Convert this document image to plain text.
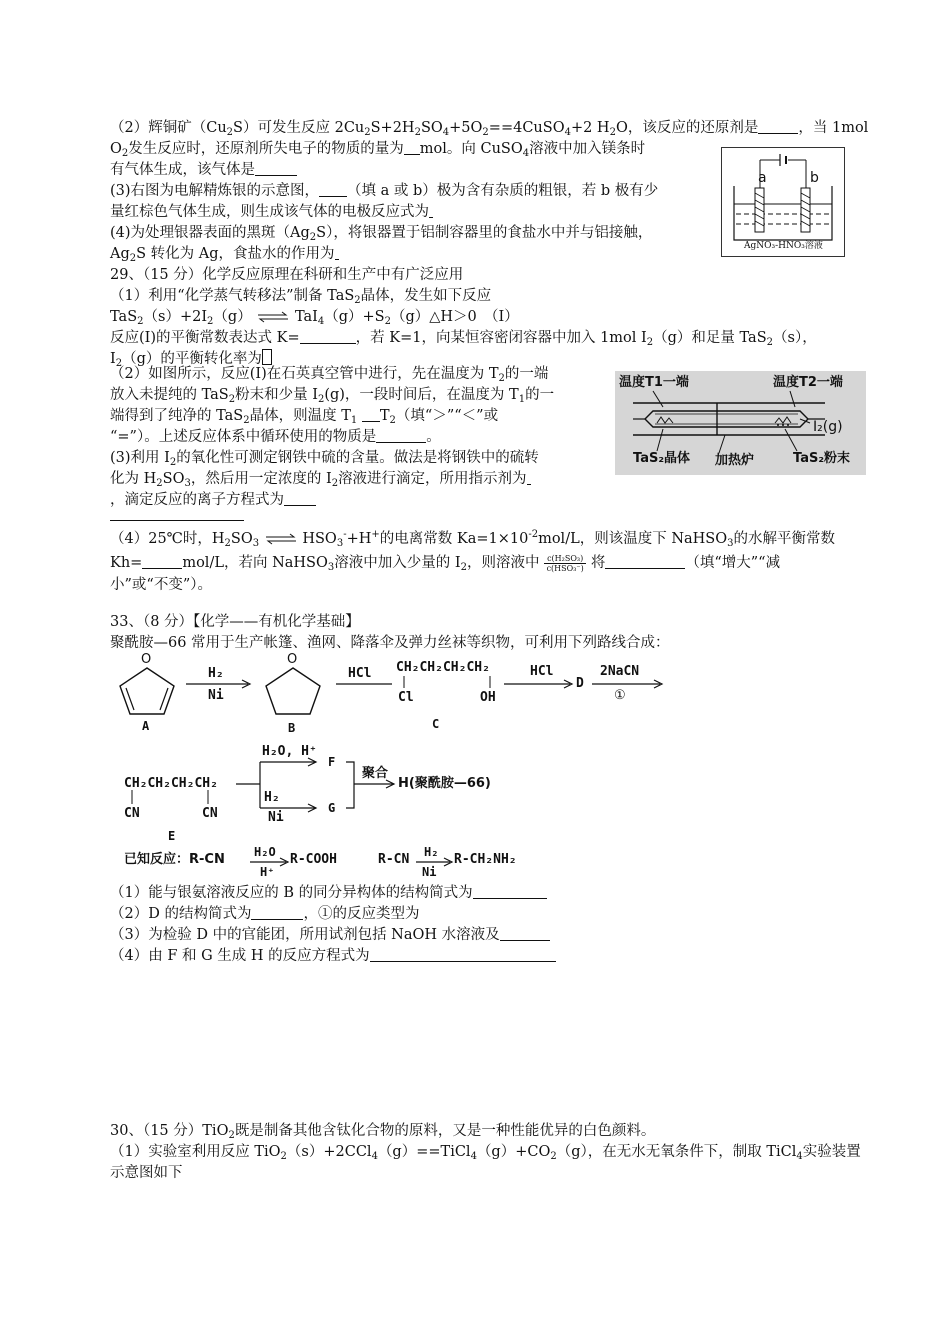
（2）辉铜矿$(Cu_2S)$可发生反应 $2Cu_2S+2H_2SO_4+5O_2==4CuSO_4+2$ $H_2O$，该反应的还原剂是	，当 1mol
$O_2$发生反应时，还原剂所失电子的物质的量为 mol。向 CuSO$_4$溶液中加入镁条时
有气体生成，该气体是
(3)右图为电解精炼银的示意图， （填 a 或 b）极为含有杂质的粗银，若 b 极有少
量红棕色气体生成，则生成该气体的电极反应式为
(4)为处理银器表面的黑斑$(Ag_2S)$，将银器置于铝制容器里的食盐水中并与铝接触，
$Ag_2S$ 转化为 Ag，食盐水的作用为
a	b
AgNO₃-HNO₃溶液
29、（15 分）化学反应原理在科研和生产中有广泛应用
（1）利用“化学蒸气转移法”制备 TaS$_2$晶体，发生如下反应
$TaS_2(s)+2I_2(g)$ ⇌ $TaI_4(g)+S_2(g)\triangle H>0$　（I）
反应(I)的平衡常数表达式 K=	，若 K=1，向某恒容密闭容器中加入 1mol $I_2(g)$和足量 TaS$_2$（s），
$I_2(g)$的平衡转化率为
（2）如图所示，反应(I)在石英真空管中进行，先在温度为 $T_2$的一端
放入未提纯的 TaS$_2$粉末和少量 $I_2(g)$，一段时间后，在温度为 $T_1$的一
端得到了纯净的 TaS$_2$晶体，则温度 $T_1$ $T_2$（填“＞”“＜”或
“=”）。上述反应体系中循环使用的物质是	。
(3)利用 $I_2$的氧化性可测定钢铁中硫的含量。做法是将钢铁中的硫转
化为 $H_2SO_3$，然后用一定浓度的 $I_2$溶液进行滴定，所用指示剂为
，滴定反应的离子方程式为
温度T1一端	温度T2一端
I₂(g)
TaS₂晶体 加热炉	TaS₂粉末
（4）25℃时，$H_2SO_3$ ⇌ $HSO_3^-+H^+$的电离常数 $Ka=1\times 10^{-2}mol/L$，则该温度下 NaHSO$_3$的水解平衡常数
Kh=	mol/L，若向 NaHSO$_3$溶液中加入少量的 $I_2$，则溶液中 c(H₂SO₃)
c(HSO₃⁻) 将	（填“增大”“减
小”或“不变”）。
33、（8 分）【化学——有机化学基础】
聚酰胺—66 常用于生产帐篷、渔网、降落伞及弹力丝袜等织物，可利用下列路线合成：
O	O
A	B
H₂
Ni
HCl CH₂CH₂CH₂CH₂
Cl	OH
C
HCl
D
2NaCN
①
H₂O, H⁺
F
H₂
Ni
G
聚合
H(聚酰胺—66)
CH₂CH₂CH₂CH₂
CN	CN
E
已知反应：R-CN H₂O
H⁺
R-COOH	R-CN H₂
Ni
R-CH₂NH₂
（1）能与银氨溶液反应的 B 的同分异构体的结构简式为
（2）D 的结构简式为	，①的反应类型为
（3）为检验 D 中的官能团，所用试剂包括 NaOH 水溶液及
（4）由 F 和 G 生成 H 的反应方程式为
30、（15 分）TiO$_2$既是制备其他含钛化合物的原料，又是一种性能优异的白色颜料。
（1）实验室利用反应 $TiO_2(s)+2CCl_4(g)==TiCl_4(g)+CO_2(g)$，在无水无氧条件下，制取 TiCl$_4$实验装置
示意图如下
